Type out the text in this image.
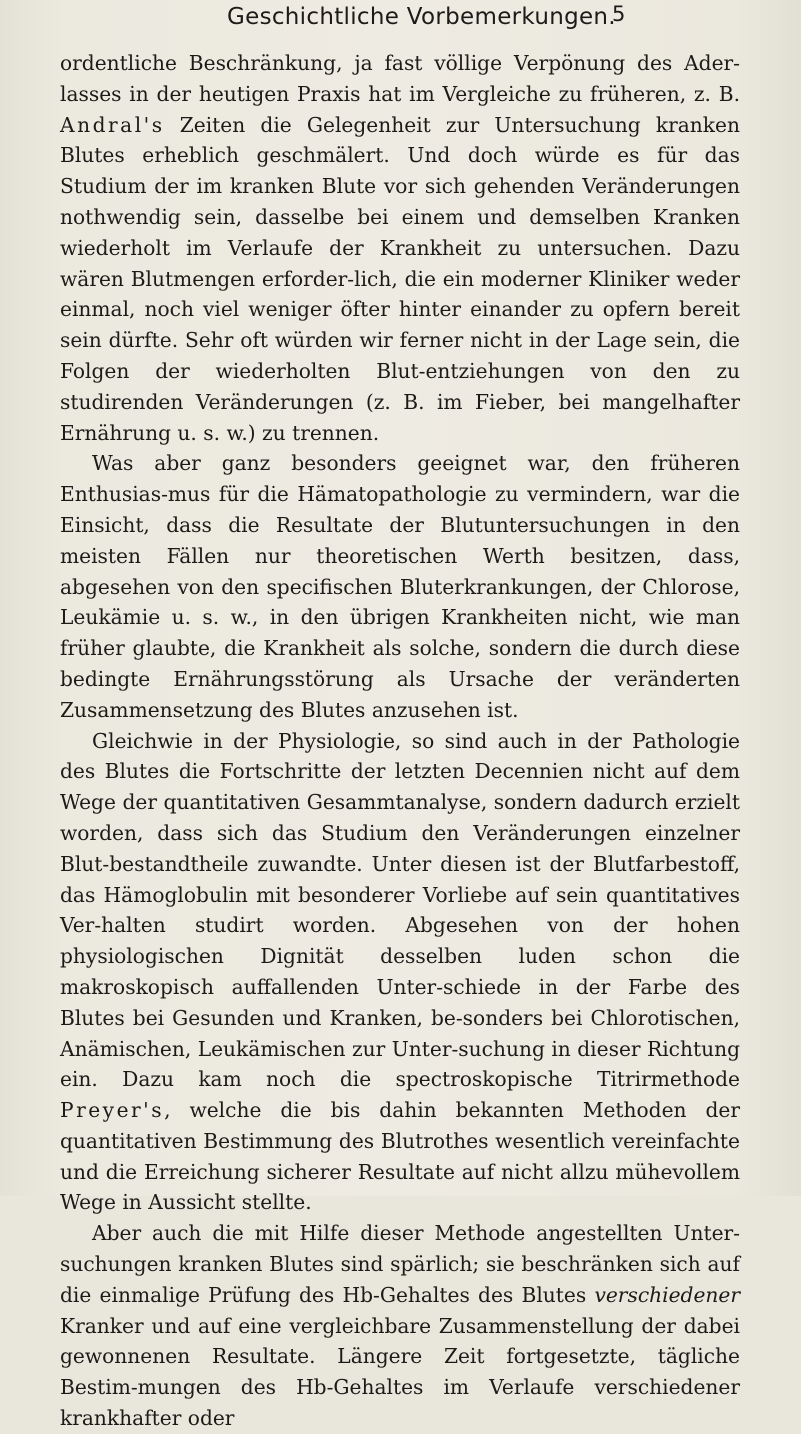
Geschichtliche Vorbemerkungen.
5

ordentliche Beschränkung, ja fast völlige Verpönung des Ader-lasses in der heutigen Praxis hat im Vergleiche zu früheren, z. B. Andral's Zeiten die Gelegenheit zur Untersuchung kranken Blutes erheblich geschmälert. Und doch würde es für das Studium der im kranken Blute vor sich gehenden Veränderungen nothwendig sein, dasselbe bei einem und demselben Kranken wiederholt im Verlaufe der Krankheit zu untersuchen. Dazu wären Blutmengen erforder-lich, die ein moderner Kliniker weder einmal, noch viel weniger öfter hinter einander zu opfern bereit sein dürfte. Sehr oft würden wir ferner nicht in der Lage sein, die Folgen der wiederholten Blut-entziehungen von den zu studirenden Veränderungen (z. B. im Fieber, bei mangelhafter Ernährung u. s. w.) zu trennen.

Was aber ganz besonders geeignet war, den früheren Enthusias-mus für die Hämatopathologie zu vermindern, war die Einsicht, dass die Resultate der Blutuntersuchungen in den meisten Fällen nur theoretischen Werth besitzen, dass, abgesehen von den specifischen Bluterkrankungen, der Chlorose, Leukämie u. s. w., in den übrigen Krankheiten nicht, wie man früher glaubte, die Krankheit als solche, sondern die durch diese bedingte Ernährungsstörung als Ursache der veränderten Zusammensetzung des Blutes anzusehen ist.

Gleichwie in der Physiologie, so sind auch in der Pathologie des Blutes die Fortschritte der letzten Decennien nicht auf dem Wege der quantitativen Gesammtanalyse, sondern dadurch erzielt worden, dass sich das Studium den Veränderungen einzelner Blut-bestandtheile zuwandte. Unter diesen ist der Blutfarbestoff, das Hämoglobulin mit besonderer Vorliebe auf sein quantitatives Ver-halten studirt worden. Abgesehen von der hohen physiologischen Dignität desselben luden schon die makroskopisch auffallenden Unter-schiede in der Farbe des Blutes bei Gesunden und Kranken, be-sonders bei Chlorotischen, Anämischen, Leukämischen zur Unter-suchung in dieser Richtung ein. Dazu kam noch die spectroskopische Titrirmethode Preyer's, welche die bis dahin bekannten Methoden der quantitativen Bestimmung des Blutrothes wesentlich vereinfachte und die Erreichung sicherer Resultate auf nicht allzu mühevollem Wege in Aussicht stellte.

Aber auch die mit Hilfe dieser Methode angestellten Unter-suchungen kranken Blutes sind spärlich; sie beschränken sich auf die einmalige Prüfung des Hb-Gehaltes des Blutes verschiedener Kranker und auf eine vergleichbare Zusammenstellung der dabei gewonnenen Resultate. Längere Zeit fortgesetzte, tägliche Bestim-mungen des Hb-Gehaltes im Verlaufe verschiedener krankhafter oder
